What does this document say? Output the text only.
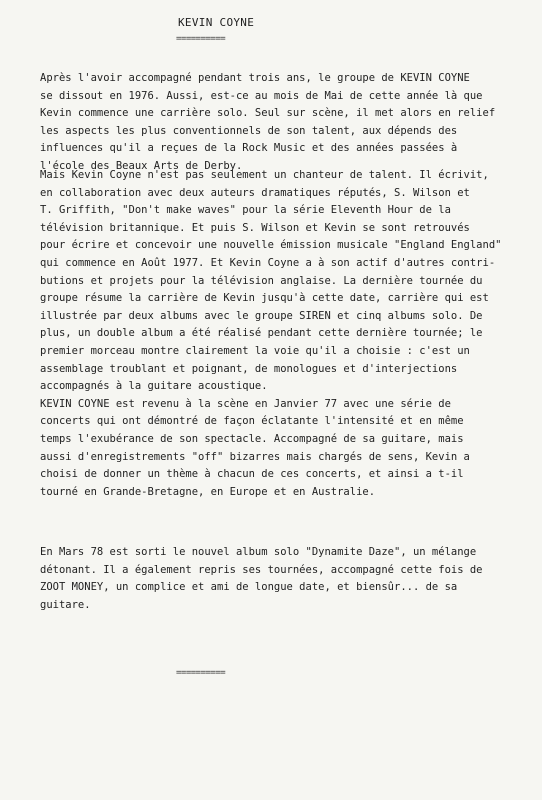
KEVIN COYNE
==========
Après l'avoir accompagné pendant trois ans, le groupe de KEVIN COYNE
se dissout en 1976. Aussi, est-ce au mois de Mai de cette année là que
Kevin commence une carrière solo. Seul sur scène, il met alors en relief
les aspects les plus conventionnels de son talent, aux dépends des
influences qu'il a reçues de la Rock Music et des années passées à
l'école des Beaux Arts de Derby.
Mais Kevin Coyne n'est pas seulement un chanteur de talent. Il écrivit,
en collaboration avec deux auteurs dramatiques réputés, S. Wilson et
T. Griffith, "Don't make waves" pour la série Eleventh Hour de la
télévision britannique. Et puis S. Wilson et Kevin se sont retrouvés
pour écrire et concevoir une nouvelle émission musicale "England England"
qui commence en Août 1977. Et Kevin Coyne a à son actif d'autres contri-
butions et projets pour la télévision anglaise. La dernière tournée du
groupe résume la carrière de Kevin jusqu'à cette date, carrière qui est
illustrée par deux albums avec le groupe SIREN et cinq albums solo. De
plus, un double album a été réalisé pendant cette dernière tournée; le
premier morceau montre clairement la voie qu'il a choisie : c'est un
assemblage troublant et poignant, de monologues et d'interjections
accompagnés à la guitare acoustique.
KEVIN COYNE est revenu à la scène en Janvier 77 avec une série de
concerts qui ont démontré de façon éclatante l'intensité et en même
temps l'exubérance de son spectacle. Accompagné de sa guitare, mais
aussi d'enregistrements "off" bizarres mais chargés de sens, Kevin a
choisi de donner un thème à chacun de ces concerts, et ainsi a t-il
tourné en Grande-Bretagne, en Europe et en Australie.
En Mars 78 est sorti le nouvel album solo "Dynamite Daze", un mélange
détonant. Il a également repris ses tournées, accompagné cette fois de
ZOOT MONEY, un complice et ami de longue date, et biensûr... de sa
guitare.
==========
